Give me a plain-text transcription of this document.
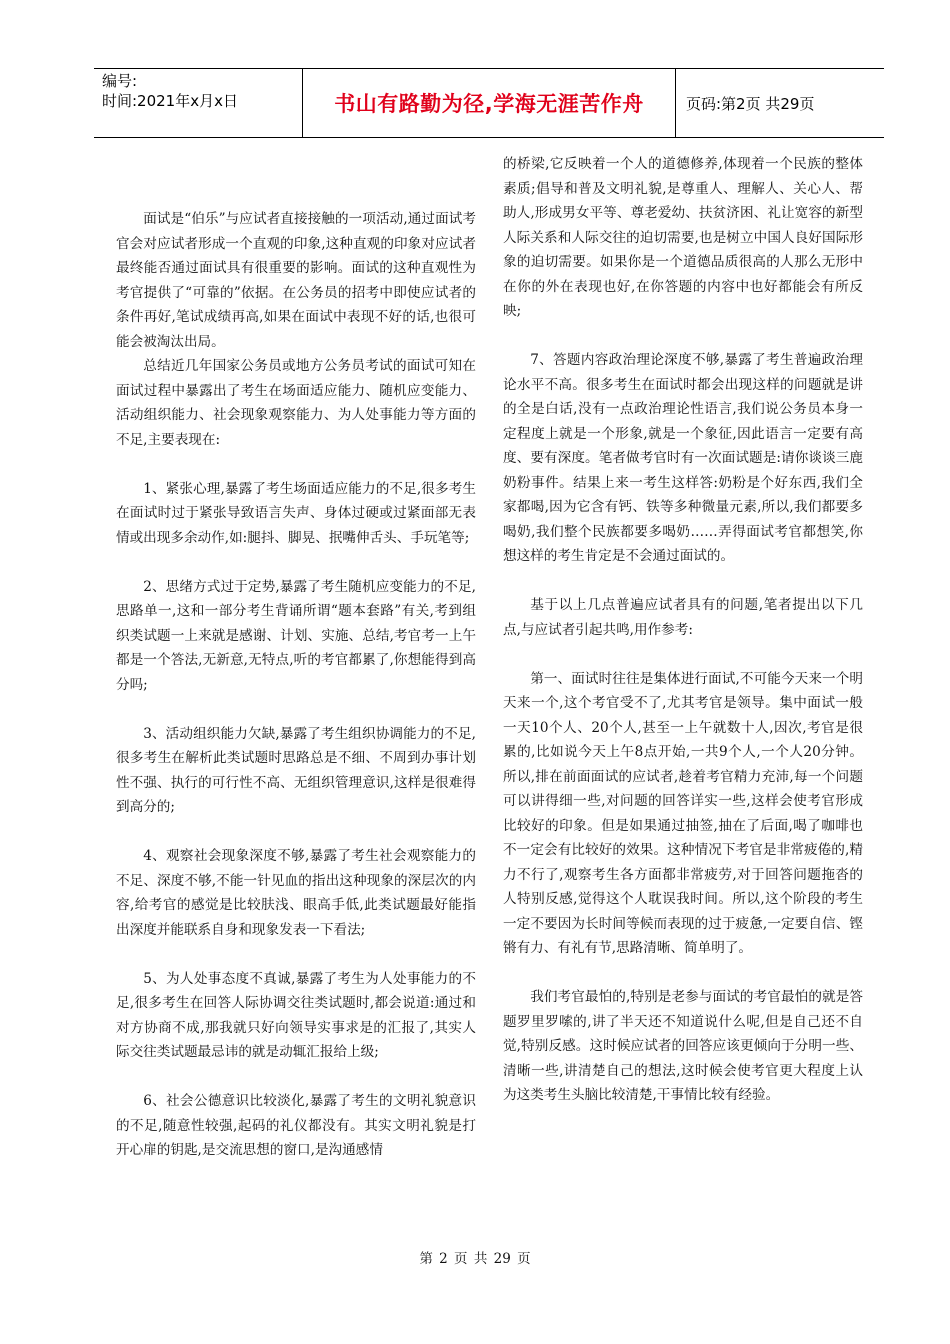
编号:
时间:2021年x月x日	书山有路勤为径,学海无涯苦作舟	页码:第2页 共29页

面试是“伯乐”与应试者直接接触的一项活动,通过面试考官会对应试者形成一个直观的印象,这种直观的印象对应试者最终能否通过面试具有很重要的影响。面试的这种直观性为考官提供了“可靠的”依据。在公务员的招考中即使应试者的条件再好,笔试成绩再高,如果在面试中表现不好的话,也很可能会被淘汰出局。

总结近几年国家公务员或地方公务员考试的面试可知在面试过程中暴露出了考生在场面适应能力、随机应变能力、活动组织能力、社会现象观察能力、为人处事能力等方面的不足,主要表现在:

1、紧张心理,暴露了考生场面适应能力的不足,很多考生在面试时过于紧张导致语言失声、身体过硬或过紧面部无表情或出现多余动作,如:腿抖、脚晃、抿嘴伸舌头、手玩笔等;

2、思绪方式过于定势,暴露了考生随机应变能力的不足,思路单一,这和一部分考生背诵所谓“题本套路”有关,考到组织类试题一上来就是感谢、计划、实施、总结,考官考一上午都是一个答法,无新意,无特点,听的考官都累了,你想能得到高分吗;

3、活动组织能力欠缺,暴露了考生组织协调能力的不足,很多考生在解析此类试题时思路总是不细、不周到办事计划性不强、执行的可行性不高、无组织管理意识,这样是很难得到高分的;

4、观察社会现象深度不够,暴露了考生社会观察能力的不足、深度不够,不能一针见血的指出这种现象的深层次的内容,给考官的感觉是比较肤浅、眼高手低,此类试题最好能指出深度并能联系自身和现象发表一下看法;

5、为人处事态度不真诚,暴露了考生为人处事能力的不足,很多考生在回答人际协调交往类试题时,都会说道:通过和对方协商不成,那我就只好向领导实事求是的汇报了,其实人际交往类试题最忌讳的就是动辄汇报给上级;

6、社会公德意识比较淡化,暴露了考生的文明礼貌意识的不足,随意性较强,起码的礼仪都没有。其实文明礼貌是打开心扉的钥匙,是交流思想的窗口,是沟通感情

的桥梁,它反映着一个人的道德修养,体现着一个民族的整体素质;倡导和普及文明礼貌,是尊重人、理解人、关心人、帮助人,形成男女平等、尊老爱幼、扶贫济困、礼让宽容的新型人际关系和人际交往的迫切需要,也是树立中国人良好国际形象的迫切需要。如果你是一个道德品质很高的人那么无形中在你的外在表现也好,在你答题的内容中也好都能会有所反映;

7、答题内容政治理论深度不够,暴露了考生普遍政治理论水平不高。很多考生在面试时都会出现这样的问题就是讲的全是白话,没有一点政治理论性语言,我们说公务员本身一定程度上就是一个形象,就是一个象征,因此语言一定要有高度、要有深度。笔者做考官时有一次面试题是:请你谈谈三鹿奶粉事件。结果上来一考生这样答:奶粉是个好东西,我们全家都喝,因为它含有钙、铁等多种微量元素,所以,我们都要多喝奶,我们整个民族都要多喝奶……弄得面试考官都想笑,你想这样的考生肯定是不会通过面试的。

基于以上几点普遍应试者具有的问题,笔者提出以下几点,与应试者引起共鸣,用作参考:

第一、面试时往往是集体进行面试,不可能今天来一个明天来一个,这个考官受不了,尤其考官是领导。集中面试一般一天10个人、20个人,甚至一上午就数十人,因次,考官是很累的,比如说今天上午8点开始,一共9个人,一个人20分钟。所以,排在前面面试的应试者,趁着考官精力充沛,每一个问题可以讲得细一些,对问题的回答详实一些,这样会使考官形成比较好的印象。但是如果通过抽签,抽在了后面,喝了咖啡也不一定会有比较好的效果。这种情况下考官是非常疲倦的,精力不行了,观察考生各方面都非常疲劳,对于回答问题拖沓的人特别反感,觉得这个人耽误我时间。所以,这个阶段的考生一定不要因为长时间等候而表现的过于疲惫,一定要自信、铿锵有力、有礼有节,思路清晰、简单明了。

我们考官最怕的,特别是老参与面试的考官最怕的就是答题罗里罗嗦的,讲了半天还不知道说什么呢,但是自己还不自觉,特别反感。这时候应试者的回答应该更倾向于分明一些、清晰一些,讲清楚自己的想法,这时候会使考官更大程度上认为这类考生头脑比较清楚,干事情比较有经验。

第 2 页 共 29 页
